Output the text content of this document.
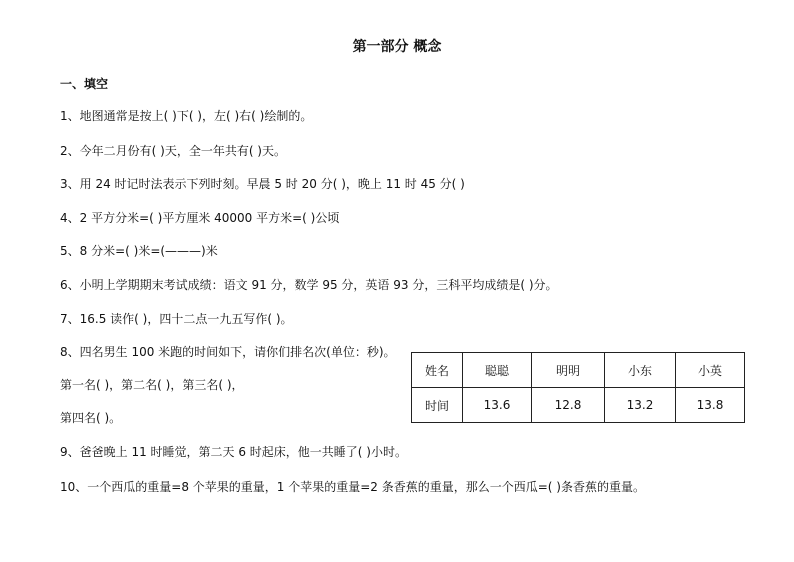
第一部分 概念
一、填空
1、地图通常是按上( )下( )，左( )右( )绘制的。
2、今年二月份有( )天，全一年共有( )天。
3、用 24 时记时法表示下列时刻。早晨 5 时 20 分( )，晚上 11 时 45 分( )
4、2 平方分米=( )平方厘米 40000 平方米=( )公顷
5、8 分米=( )米=(———)米
6、小明上学期期末考试成绩：语文 91 分，数学 95 分，英语 93 分，三科平均成绩是( )分。
7、16.5 读作( )，四十二点一九五写作( )。
8、四名男生 100 米跑的时间如下，请你们排名次(单位：秒)。
第一名( )，第二名( )，第三名( )，
第四名( )。
9、爸爸晚上 11 时睡觉，第二天 6 时起床，他一共睡了( )小时。
10、一个西瓜的重量=8 个苹果的重量，1 个苹果的重量=2 条香蕉的重量，那么一个西瓜=( )条香蕉的重量。
姓名	聪聪	明明	小东	小英
时间	13.6	12.8	13.2	13.8
